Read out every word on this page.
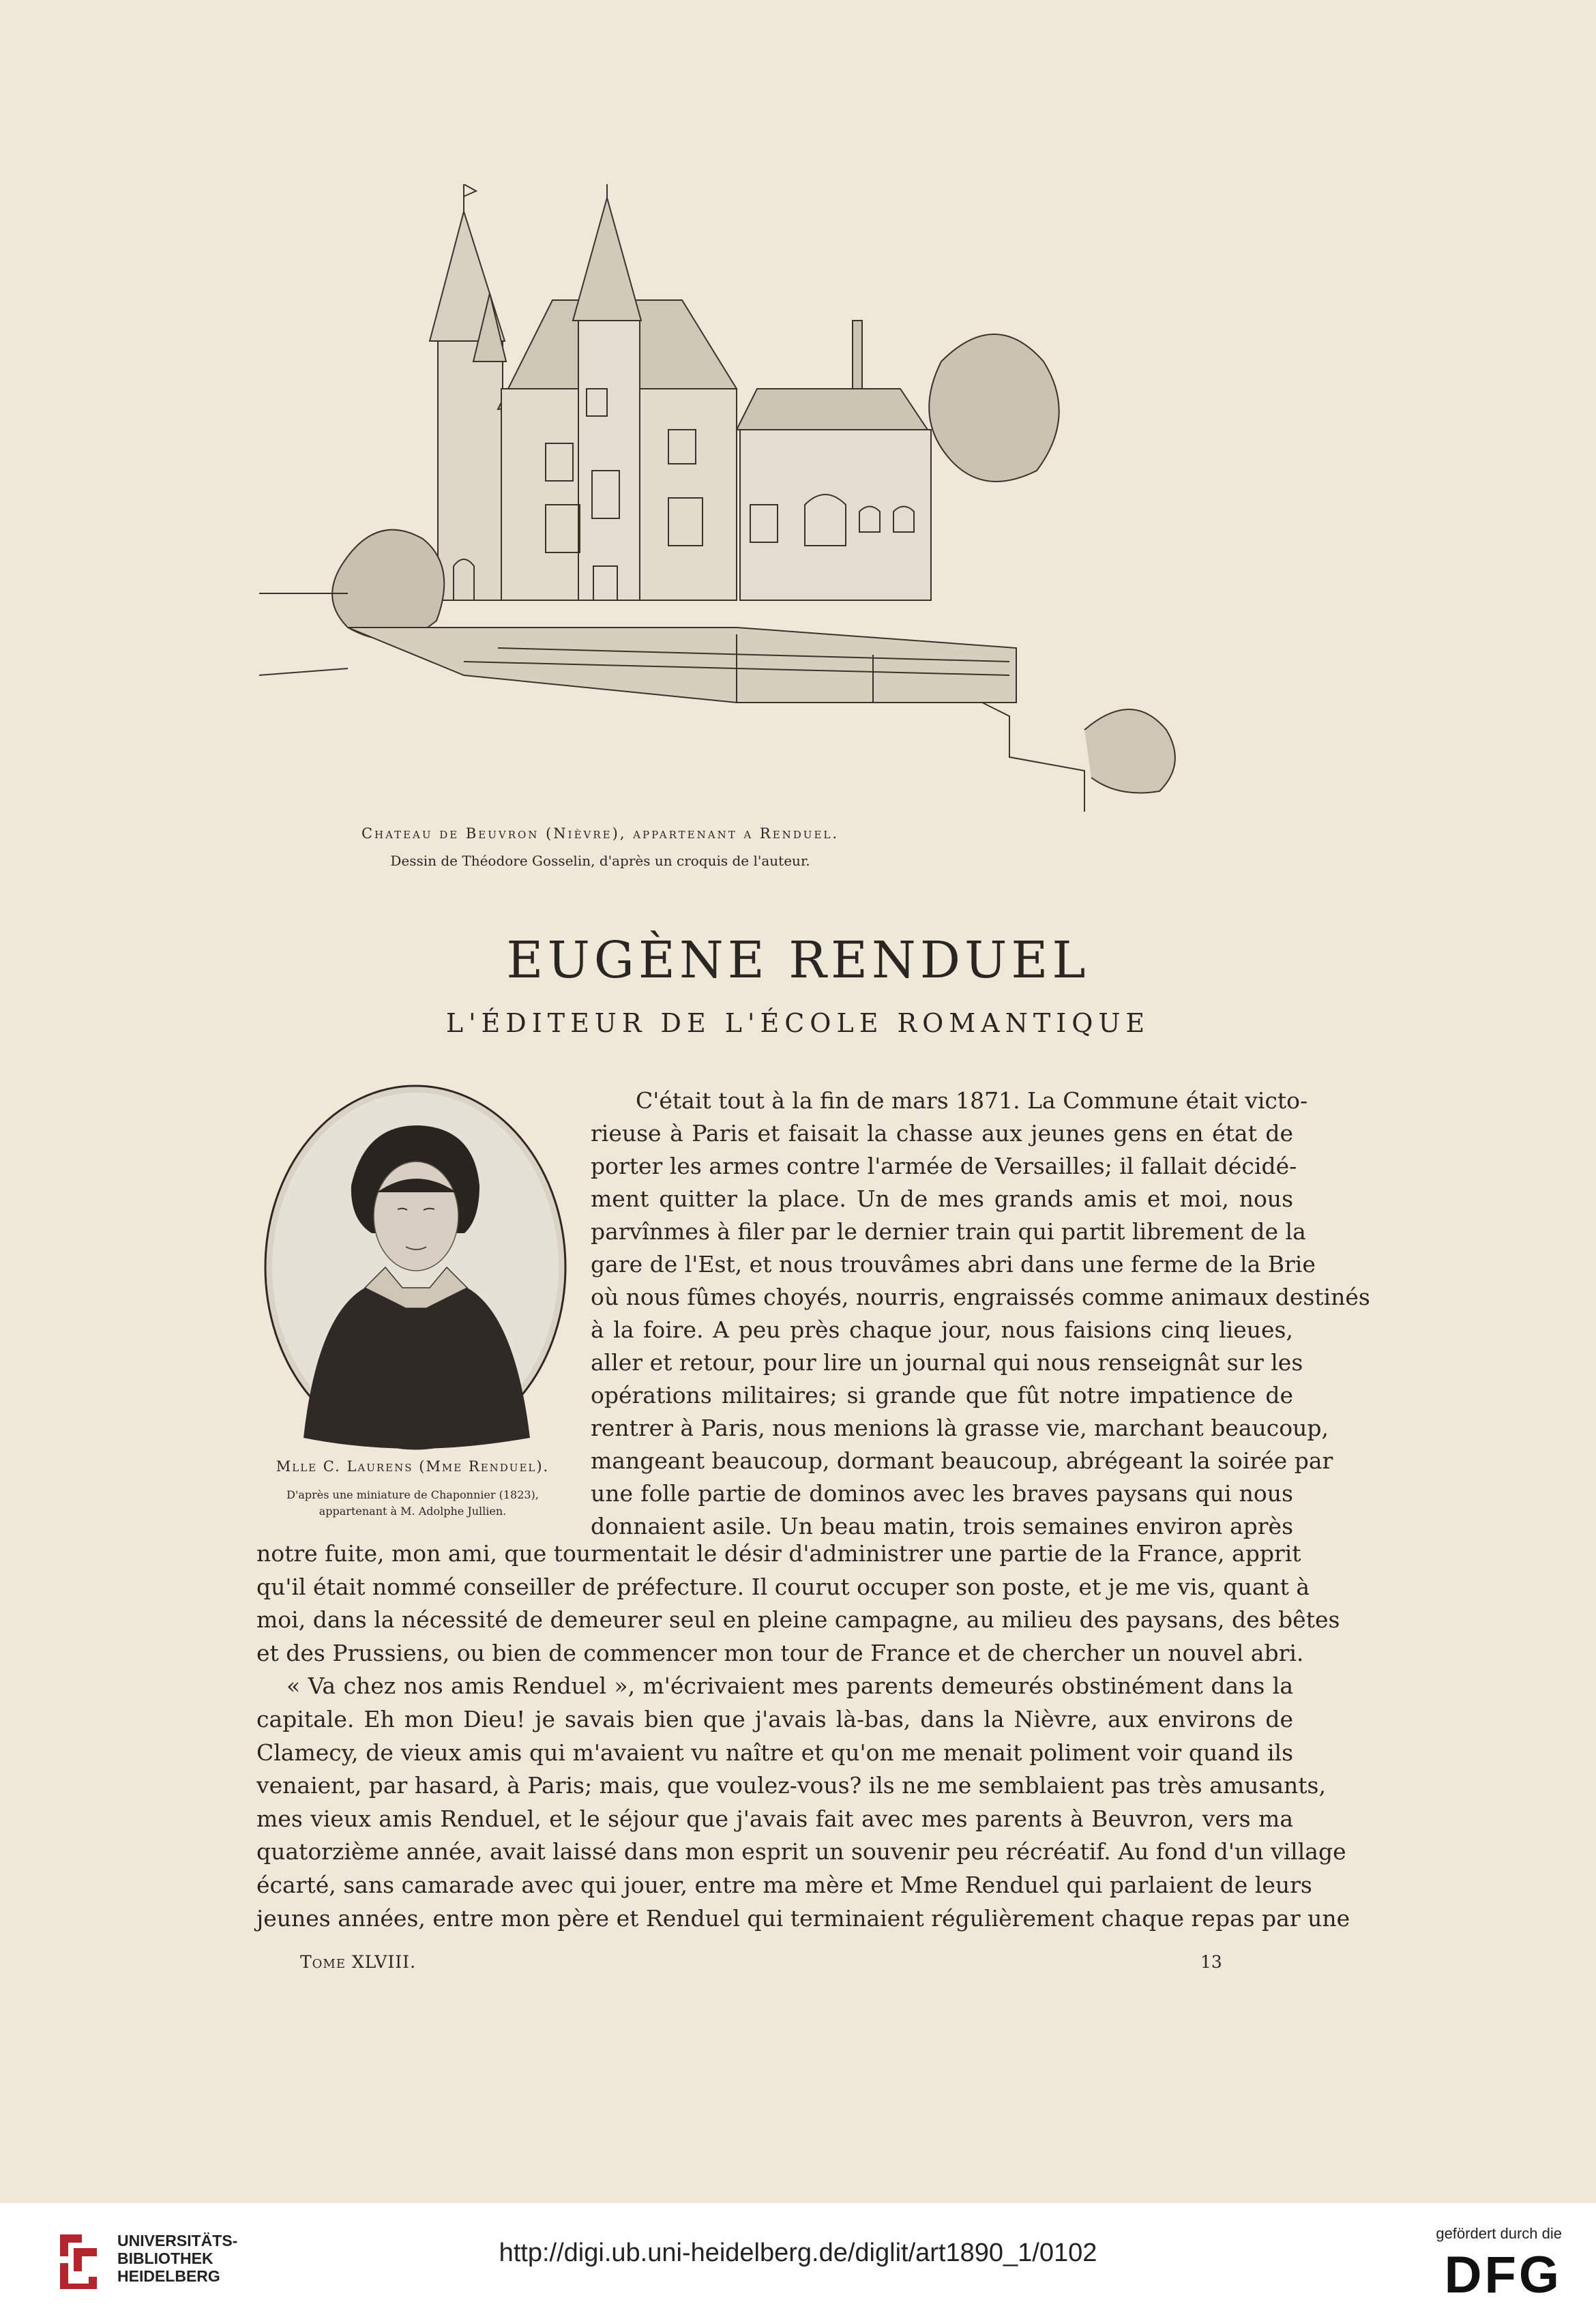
Chateau de Beuvron (Nièvre), appartenant a Renduel.
Dessin de Théodore Gosselin, d'après un croquis de l'auteur.
EUGÈNE RENDUEL
L'ÉDITEUR DE L'ÉCOLE ROMANTIQUE
Mlle C. Laurens (Mme Renduel).
D'après une miniature de Chaponnier (1823),
appartenant à M. Adolphe Jullien.
C'était tout à la fin de mars 1871. La Commune était victo-
rieuse à Paris et faisait la chasse aux jeunes gens en état de
porter les armes contre l'armée de Versailles; il fallait décidé-
ment quitter la place. Un de mes grands amis et moi, nous
parvînmes à filer par le dernier train qui partit librement de la
gare de l'Est, et nous trouvâmes abri dans une ferme de la Brie
où nous fûmes choyés, nourris, engraissés comme animaux destinés
à la foire. A peu près chaque jour, nous faisions cinq lieues,
aller et retour, pour lire un journal qui nous renseignât sur les
opérations militaires; si grande que fût notre impatience de
rentrer à Paris, nous menions là grasse vie, marchant beaucoup,
mangeant beaucoup, dormant beaucoup, abrégeant la soirée par
une folle partie de dominos avec les braves paysans qui nous
donnaient asile. Un beau matin, trois semaines environ après
notre fuite, mon ami, que tourmentait le désir d'administrer une partie de la France, apprit
qu'il était nommé conseiller de préfecture. Il courut occuper son poste, et je me vis, quant à
moi, dans la nécessité de demeurer seul en pleine campagne, au milieu des paysans, des bêtes
et des Prussiens, ou bien de commencer mon tour de France et de chercher un nouvel abri.
« Va chez nos amis Renduel », m'écrivaient mes parents demeurés obstinément dans la
capitale. Eh mon Dieu! je savais bien que j'avais là-bas, dans la Nièvre, aux environs de
Clamecy, de vieux amis qui m'avaient vu naître et qu'on me menait poliment voir quand ils
venaient, par hasard, à Paris; mais, que voulez-vous? ils ne me semblaient pas très amusants,
mes vieux amis Renduel, et le séjour que j'avais fait avec mes parents à Beuvron, vers ma
quatorzième année, avait laissé dans mon esprit un souvenir peu récréatif. Au fond d'un village
écarté, sans camarade avec qui jouer, entre ma mère et Mme Renduel qui parlaient de leurs
jeunes années, entre mon père et Renduel qui terminaient régulièrement chaque repas par une
Tome XLVIII.	13
UNIVERSITÄTS-
BIBLIOTHEK
HEIDELBERG
http://digi.ub.uni-heidelberg.de/diglit/art1890_1/0102
gefördert durch die
DFG
